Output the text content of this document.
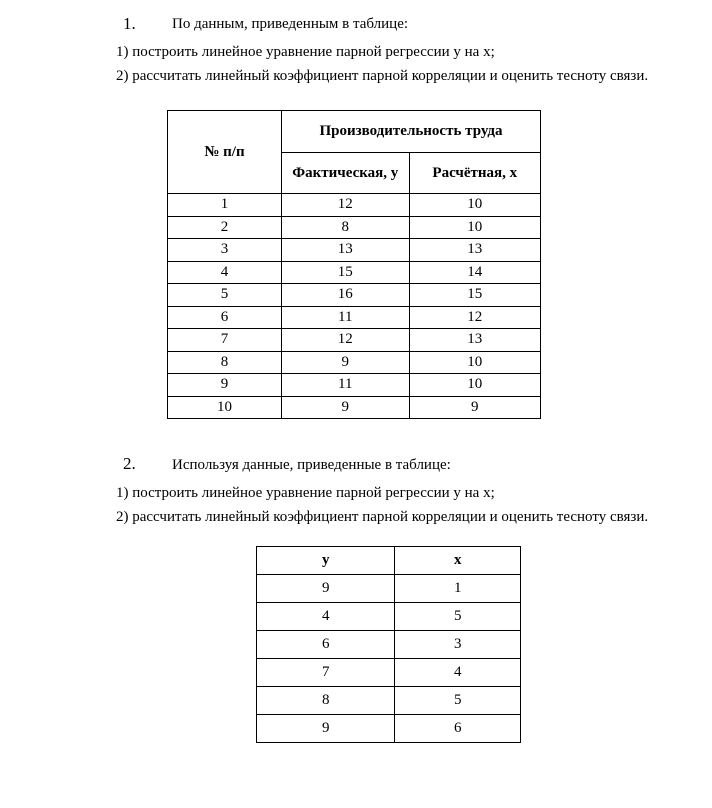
1. По данным, приведенным в таблице:
1) построить линейное уравнение парной регрессии y на x;
2) рассчитать линейный коэффициент парной корреляции и оценить тесноту связи.
№ п/п	Производительность труда	
	Фактическая, y	Расчётная, x
1	12	10
2	8	10
3	13	13
4	15	14
5	16	15
6	11	12
7	12	13
8	9	10
9	11	10
10	9	9
2. Используя данные, приведенные в таблице:
1) построить линейное уравнение парной регрессии y на x;
2) рассчитать линейный коэффициент парной корреляции и оценить тесноту связи.
y	x
9	1
4	5
6	3
7	4
8	5
9	6
